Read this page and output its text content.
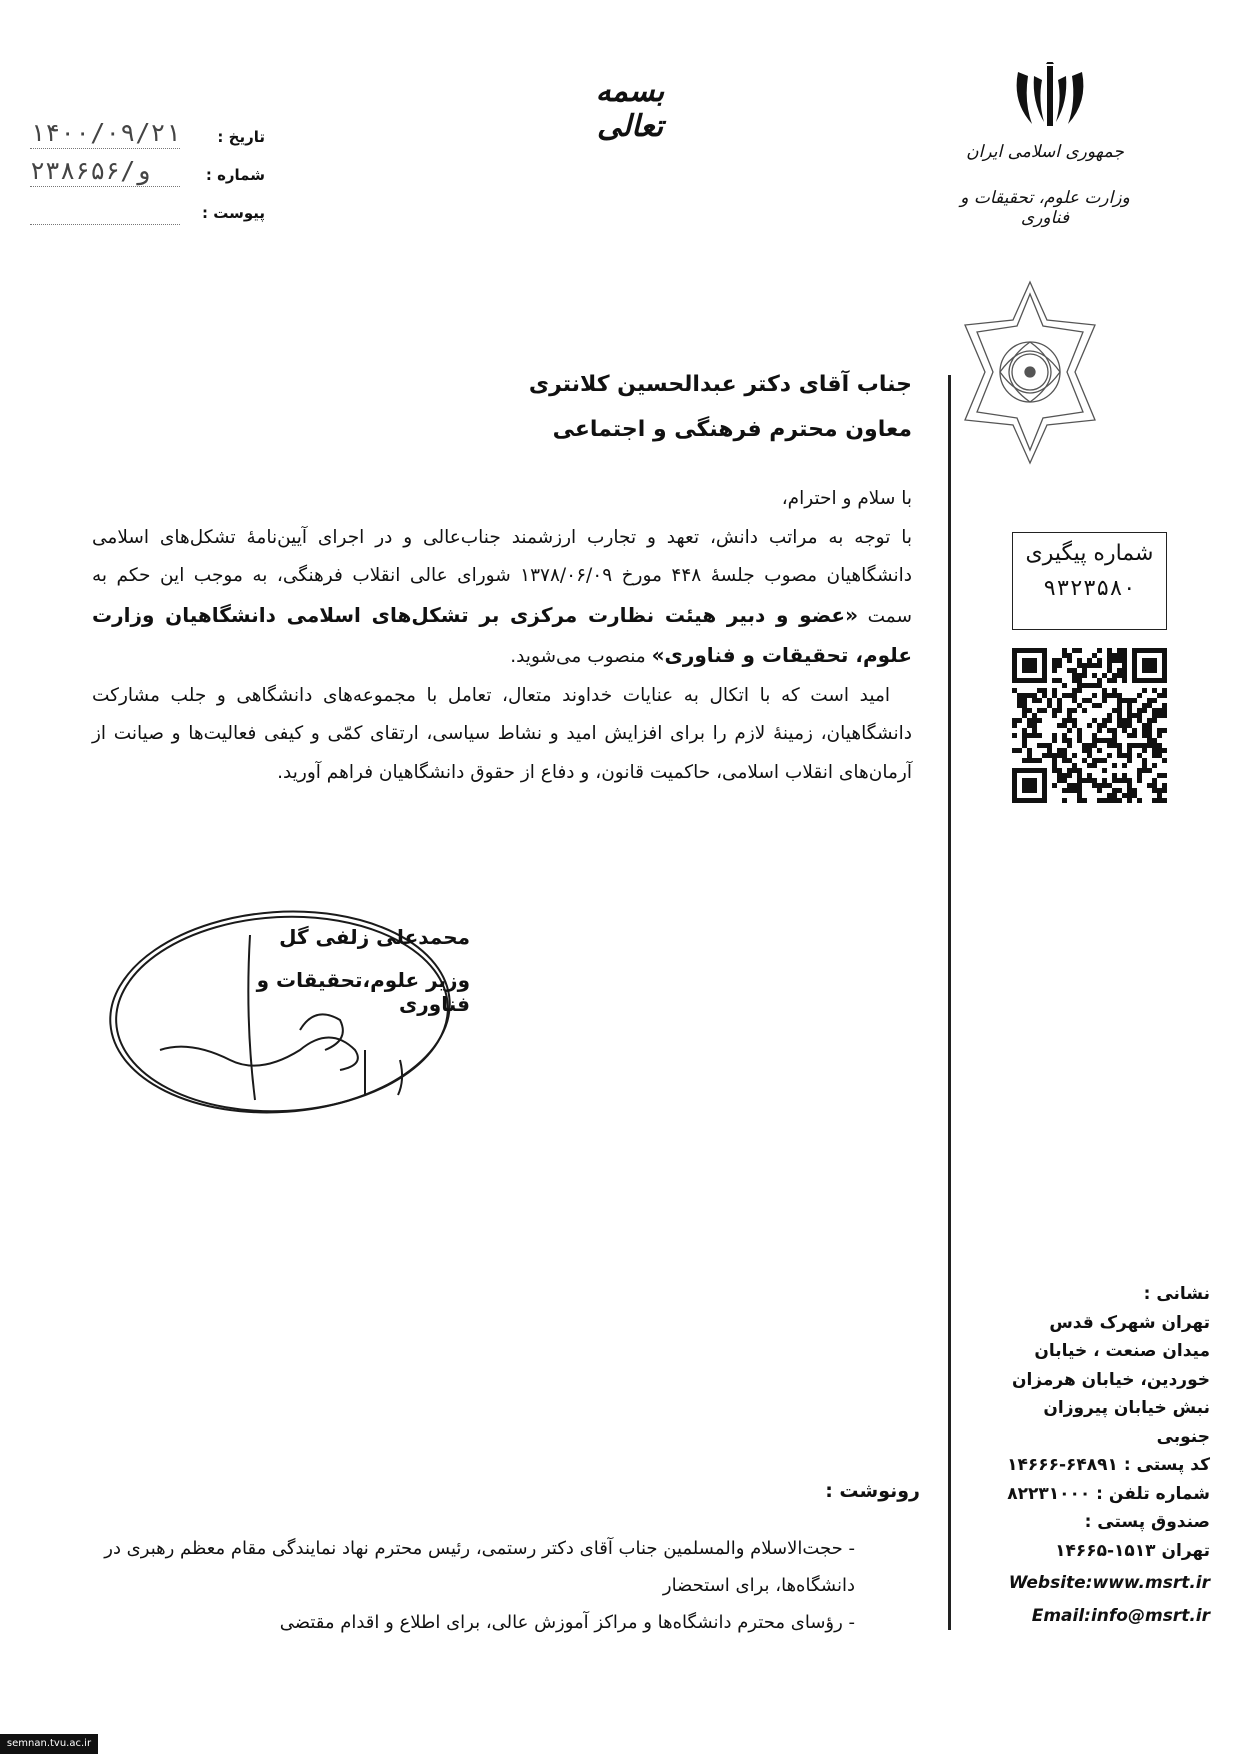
بسمه تعالی
جمهوری اسلامی ایران
وزارت علوم، تحقیقات و فناوری
تاریخ :
۱۴۰۰/۰۹/۲۱
شماره :
۲۳۸۶۵۶/و
پیوست :
شماره پیگیری
۹۳۲۳۵۸۰
جناب آقای دکتر عبدالحسین کلانتری
معاون محترم فرهنگی و اجتماعی

با سلام و احترام،

با توجه به مراتب دانش، تعهد و تجارب ارزشمند جناب‌عالی و در اجرای آیین‌نامهٔ تشکل‌های اسلامی دانشگاهیان مصوب جلسهٔ ۴۴۸ مورخ ۱۳۷۸/۰۶/۰۹ شورای عالی انقلاب فرهنگی، به موجب این حکم به سمت «عضو و دبیر هیئت نظارت مرکزی بر تشکل‌های اسلامی دانشگاهیان وزارت علوم، تحقیقات و فناوری» منصوب می‌شوید.

امید است که با اتکال به عنایات خداوند متعال، تعامل با مجموعه‌های دانشگاهی و جلب مشارکت دانشگاهیان، زمینهٔ لازم را برای افزایش امید و نشاط سیاسی، ارتقای کمّی و کیفی فعالیت‌ها و صیانت از آرمان‌های انقلاب اسلامی، حاکمیت قانون، و دفاع از حقوق دانشگاهیان فراهم آورید.

محمدعلی زلفی گل
وزیر علوم،تحقیقات و فناوری
نشانی :
تهران شهرک قدس
میدان صنعت ، خیابان
خوردین، خیابان هرمزان
نبش خیابان پیروزان جنوبی
کد پستی : ۶۴۸۹۱-۱۴۶۶۶
شماره تلفن : ۸۲۲۳۱۰۰۰
صندوق پستی :
تهران ۱۵۱۳-۱۴۶۶۵
Website:www.msrt.ir
Email:info@msrt.ir
رونوشت :

- حجت‌الاسلام والمسلمین جناب آقای دکتر رستمی، رئیس محترم نهاد نمایندگی مقام معظم رهبری در دانشگاه‌ها، برای استحضار

- رؤسای محترم دانشگاه‌ها و مراکز آموزش عالی، برای اطلاع و اقدام مقتضی

semnan.tvu.ac.ir
